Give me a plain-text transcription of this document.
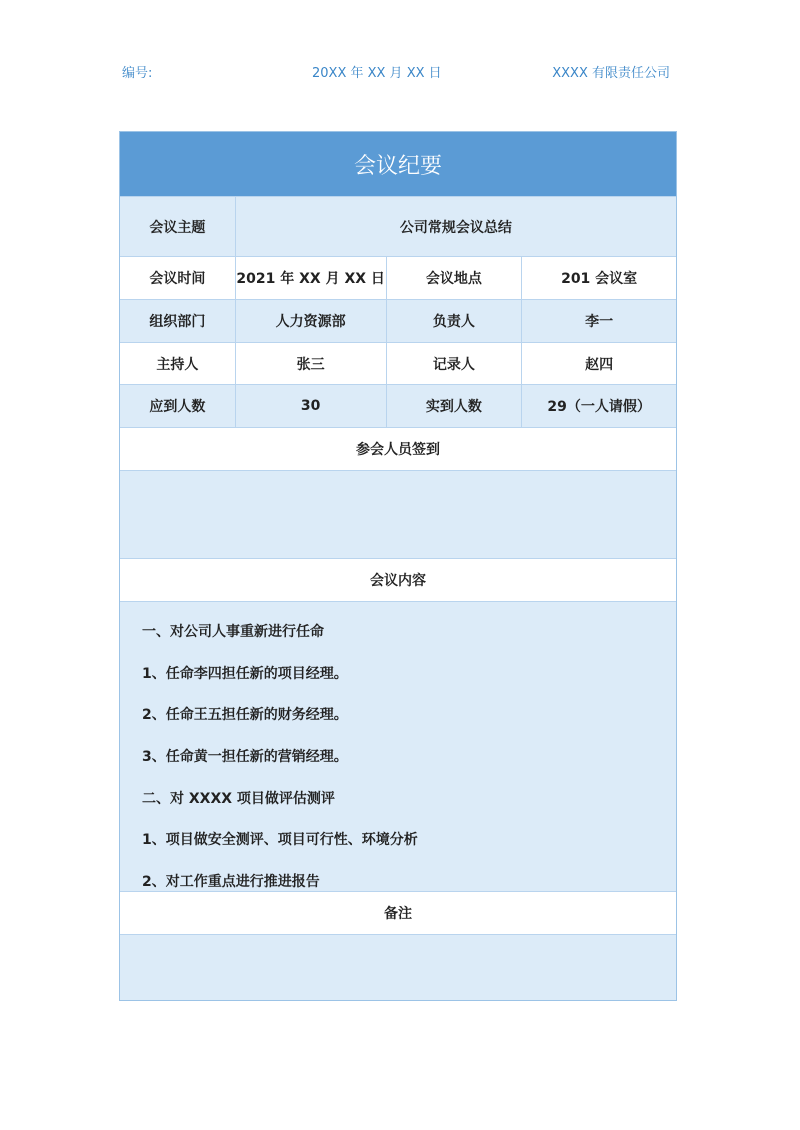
编号:	20XX 年 XX 月 XX 日	XXXX 有限责任公司
会议纪要
会议主题	公司常规会议总结
会议时间	2021 年 XX 月 XX 日	会议地点	201 会议室
组织部门	人力资源部	负责人	李一
主持人	张三	记录人	赵四
应到人数	30	实到人数	29（一人请假）
参会人员签到
会议内容
一、对公司人事重新进行任命
1、任命李四担任新的项目经理。
2、任命王五担任新的财务经理。
3、任命黄一担任新的营销经理。
二、对 XXXX 项目做评估测评
1、项目做安全测评、项目可行性、环境分析
2、对工作重点进行推进报告
备注
